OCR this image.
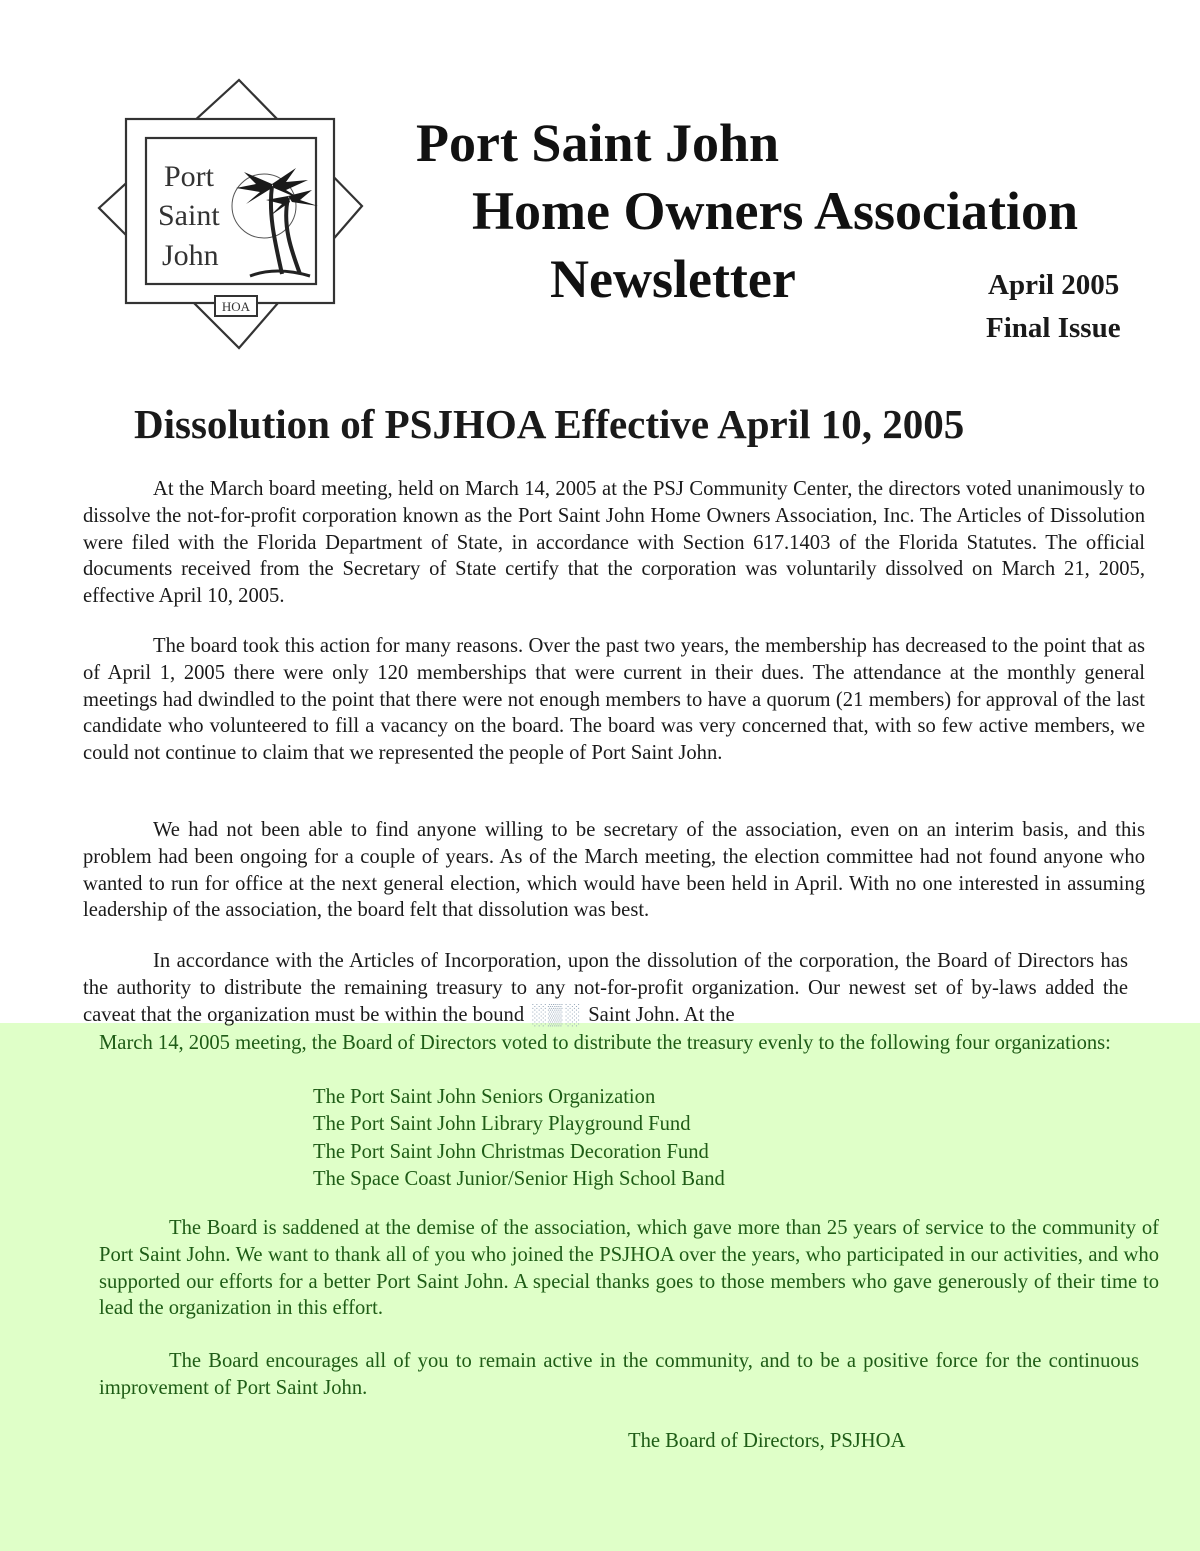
Port
Saint
John
HOA
Port Saint John
Home Owners Association
Newsletter	April 2005
Final Issue
Dissolution of PSJHOA Effective April 10, 2005

At the March board meeting, held on March 14, 2005 at the PSJ Community Center, the directors voted unanimously to dissolve the not-for-profit corporation known as the Port Saint John Home Owners Association, Inc. The Articles of Dissolution were filed with the Florida Department of State, in accordance with Section 617.1403 of the Florida Statutes. The official documents received from the Secretary of State certify that the corporation was voluntarily dissolved on March 21, 2005, effective April 10, 2005.

The board took this action for many reasons. Over the past two years, the membership has decreased to the point that as of April 1, 2005 there were only 120 memberships that were current in their dues. The attendance at the monthly general meetings had dwindled to the point that there were not enough members to have a quorum (21 members) for approval of the last candidate who volunteered to fill a vacancy on the board. The board was very concerned that, with so few active members, we could not continue to claim that we represented the people of Port Saint John.

We had not been able to find anyone willing to be secretary of the association, even on an interim basis, and this problem had been ongoing for a couple of years. As of the March meeting, the election committee had not found anyone who wanted to run for office at the next general election, which would have been held in April. With no one interested in assuming leadership of the association, the board felt that dissolution was best.

In accordance with the Articles of Incorporation, upon the dissolution of the corporation, the Board of Directors has the authority to distribute the remaining treasury to any not-for-profit organization. Our newest set of by-laws added the caveat that the organization must be within the bound ░▒░ Saint John. At the

March 14, 2005 meeting, the Board of Directors voted to distribute the treasury evenly to the following four organizations:

The Port Saint John Seniors Organization
The Port Saint John Library Playground Fund
The Port Saint John Christmas Decoration Fund
The Space Coast Junior/Senior High School Band

The Board is saddened at the demise of the association, which gave more than 25 years of service to the community of Port Saint John. We want to thank all of you who joined the PSJHOA over the years, who participated in our activities, and who supported our efforts for a better Port Saint John. A special thanks goes to those members who gave generously of their time to lead the organization in this effort.

The Board encourages all of you to remain active in the community, and to be a positive force for the continuous improvement of Port Saint John.

The Board of Directors, PSJHOA
